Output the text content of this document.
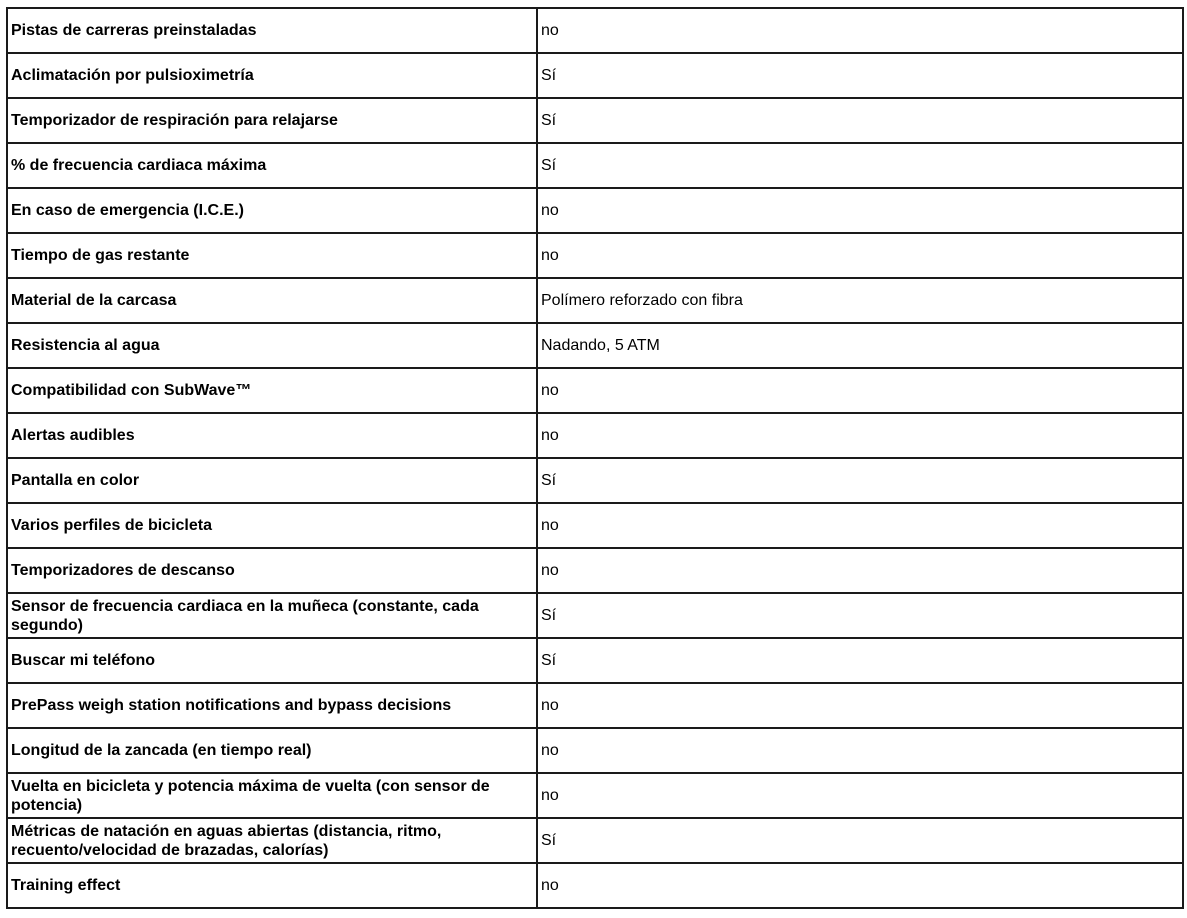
Pistas de carreras preinstaladas	no
Aclimatación por pulsioximetría	Sí
Temporizador de respiración para relajarse	Sí
% de frecuencia cardiaca máxima	Sí
En caso de emergencia (I.C.E.)	no
Tiempo de gas restante	no
Material de la carcasa	Polímero reforzado con fibra
Resistencia al agua	Nadando, 5 ATM
Compatibilidad con SubWave™	no
Alertas audibles	no
Pantalla en color	Sí
Varios perfiles de bicicleta	no
Temporizadores de descanso	no
Sensor de frecuencia cardiaca en la muñeca (constante, cada segundo)	Sí
Buscar mi teléfono	Sí
PrePass weigh station notifications and bypass decisions	no
Longitud de la zancada (en tiempo real)	no
Vuelta en bicicleta y potencia máxima de vuelta (con sensor de potencia)	no
Métricas de natación en aguas abiertas (distancia, ritmo, recuento/velocidad de brazadas, calorías)	Sí
Training effect	no
